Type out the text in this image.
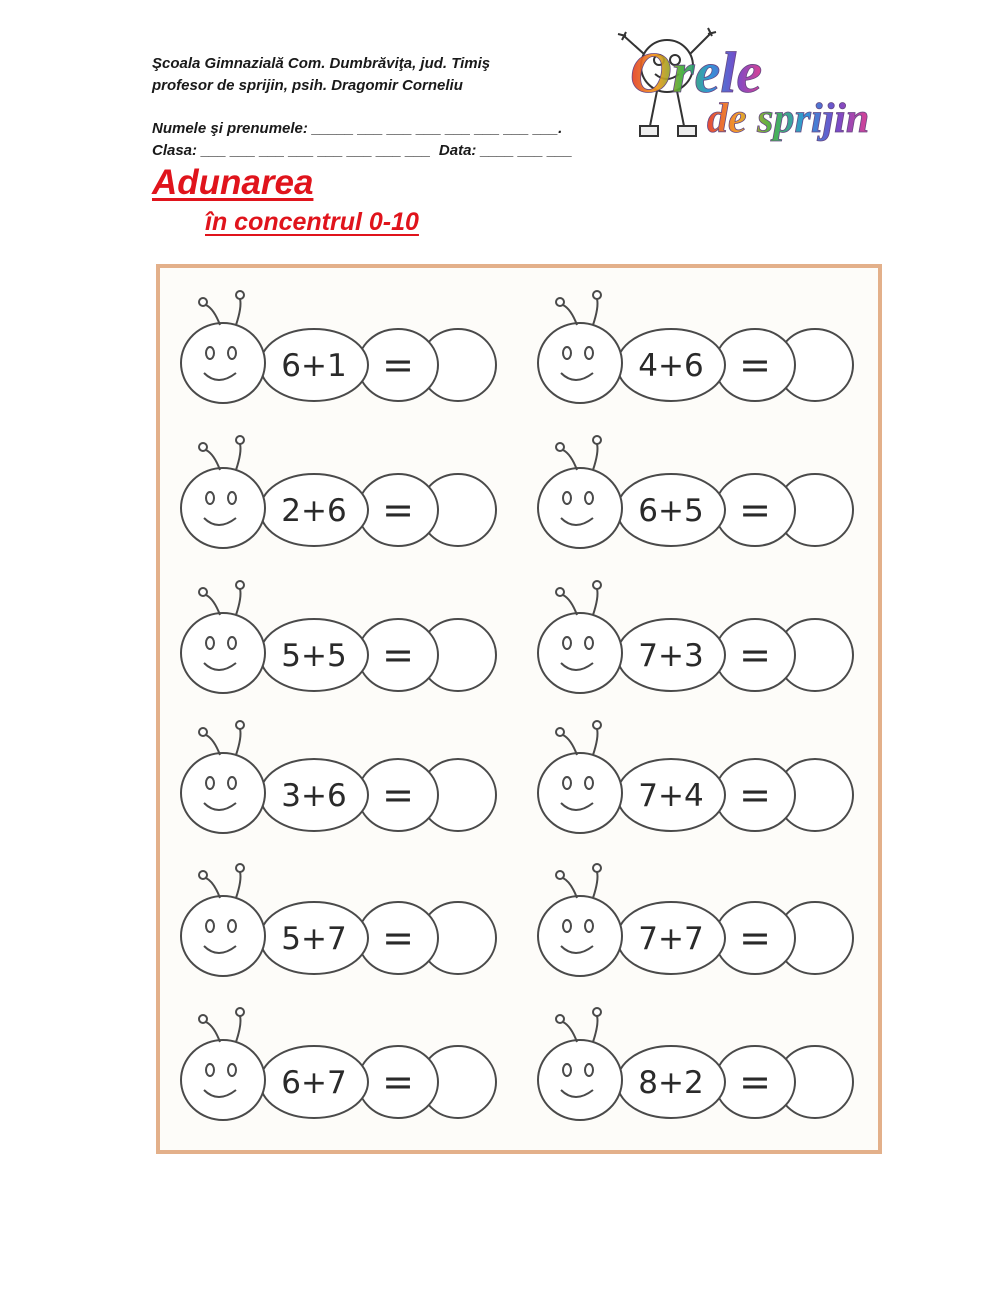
Şcoala Gimnazială Com. Dumbrăviţa, jud. Timiş
profesor de sprijin, psih. Dragomir Corneliu
Numele şi prenumele: _____ ___ ___ ___ ___ ___ ___ ___.
Clasa: ___ ___ ___ ___ ___ ___ ___ ___  Data: ____ ___ ___
Orele
de sprijin
Adunarea
în concentrul 0-10
6+1 =
2+6 =
5+5 =
3+6 =
5+7 =
6+7 =
4+6 =
6+5 =
7+3 =
7+4 =
7+7 =
8+2 =
